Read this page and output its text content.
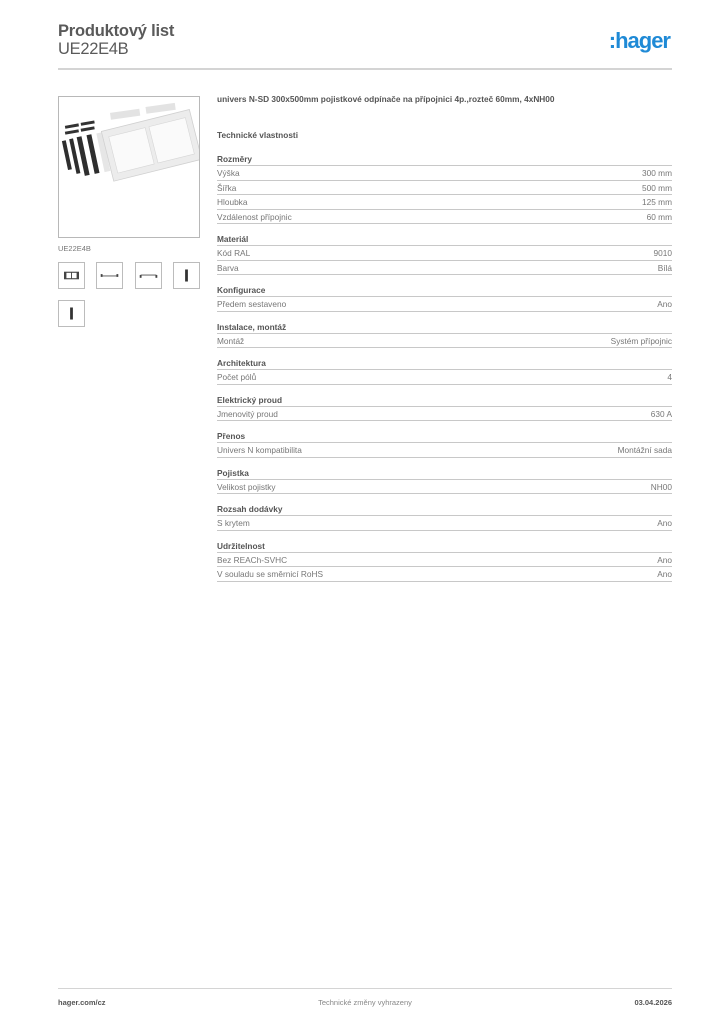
Produktový list
UE22E4B	:hager
UE22E4B
univers N-SD 300x500mm pojistkové odpínače na přípojnici 4p.,rozteč 60mm, 4xNH00
Technické vlastnosti
Rozměry
Výška	300 mm
Šířka	500 mm
Hloubka	125 mm
Vzdálenost přípojnic	60 mm
Materiál
Kód RAL	9010
Barva	Bílá
Konfigurace
Předem sestaveno	Ano
Instalace, montáž
Montáž	Systém přípojnic
Architektura
Počet pólů	4
Elektrický proud
Jmenovitý proud	630 A
Přenos
Univers N kompatibilita	Montážní sada
Pojistka
Velikost pojistky	NH00
Rozsah dodávky
S krytem	Ano
Udržitelnost
Bez REACh-SVHC	Ano
V souladu se směrnicí RoHS	Ano
hager.com/cz	Technické změny vyhrazeny	03.04.2026
